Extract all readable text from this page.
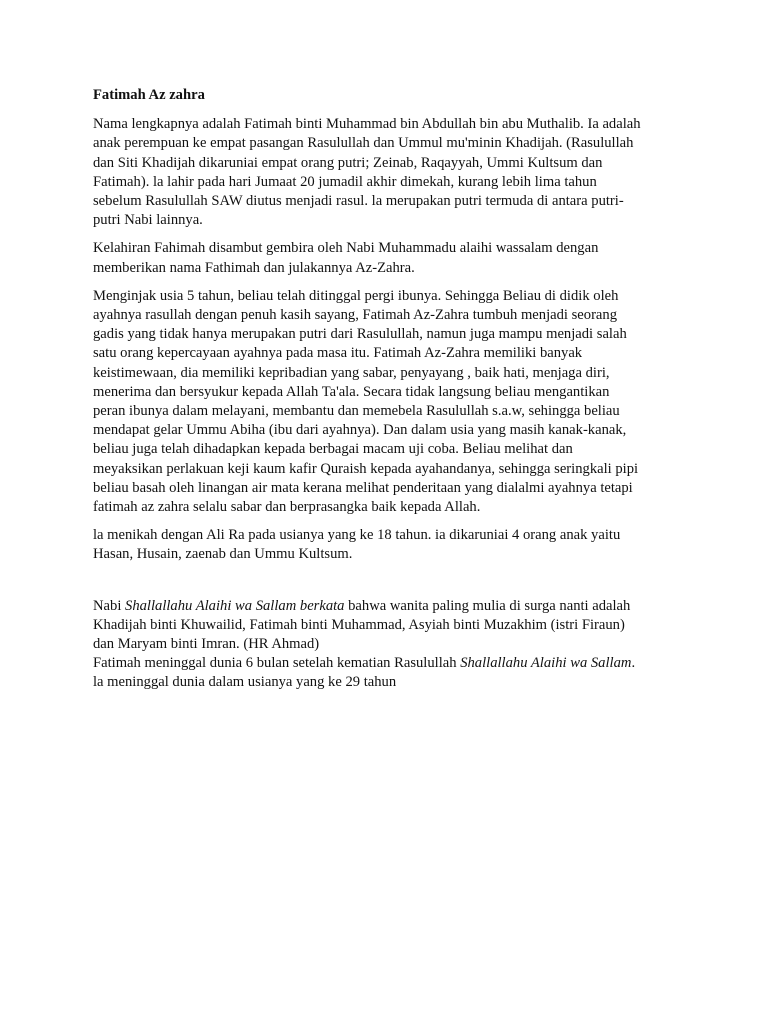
Fatimah Az zahra

Nama lengkapnya adalah Fatimah binti Muhammad bin Abdullah bin abu Muthalib. Ia adalah
anak perempuan ke empat pasangan Rasulullah dan Ummul mu'minin Khadijah. (Rasulullah
dan Siti Khadijah dikaruniai empat orang putri; Zeinab, Raqayyah, Ummi Kultsum dan
Fatimah). la lahir pada hari Jumaat 20 jumadil akhir dimekah, kurang lebih lima tahun
sebelum Rasulullah SAW diutus menjadi rasul. la merupakan putri termuda di antara putri-
putri Nabi lainnya.

Kelahiran Fahimah disambut gembira oleh Nabi Muhammadu alaihi wassalam dengan
memberikan nama Fathimah dan julakannya Az-Zahra.

Menginjak usia 5 tahun, beliau telah ditinggal pergi ibunya. Sehingga Beliau di didik oleh
ayahnya rasullah dengan penuh kasih sayang, Fatimah Az-Zahra tumbuh menjadi seorang
gadis yang tidak hanya merupakan putri dari Rasulullah, namun juga mampu menjadi salah
satu orang kepercayaan ayahnya pada masa itu. Fatimah Az-Zahra memiliki banyak
keistimewaan, dia memiliki kepribadian yang sabar, penyayang , baik hati, menjaga diri,
menerima dan bersyukur kepada Allah Ta'ala. Secara tidak langsung beliau mengantikan
peran ibunya dalam melayani, membantu dan memebela Rasulullah s.a.w, sehingga beliau
mendapat gelar Ummu Abiha (ibu dari ayahnya). Dan dalam usia yang masih kanak-kanak,
beliau juga telah dihadapkan kepada berbagai macam uji coba. Beliau melihat dan
meyaksikan perlakuan keji kaum kafir Quraish kepada ayahandanya, sehingga seringkali pipi
beliau basah oleh linangan air mata kerana melihat penderitaan yang dialalmi ayahnya tetapi
fatimah az zahra selalu sabar dan berprasangka baik kepada Allah.

la menikah dengan Ali Ra pada usianya yang ke 18 tahun. ia dikaruniai 4 orang anak yaitu
Hasan, Husain, zaenab dan Ummu Kultsum.

Nabi Shallallahu Alaihi wa Sallam berkata bahwa wanita paling mulia di surga nanti adalah
Khadijah binti Khuwailid, Fatimah binti Muhammad, Asyiah binti Muzakhim (istri Firaun)
dan Maryam binti Imran. (HR Ahmad)
Fatimah meninggal dunia 6 bulan setelah kematian Rasulullah Shallallahu Alaihi wa Sallam.
la meninggal dunia dalam usianya yang ke 29 tahun
